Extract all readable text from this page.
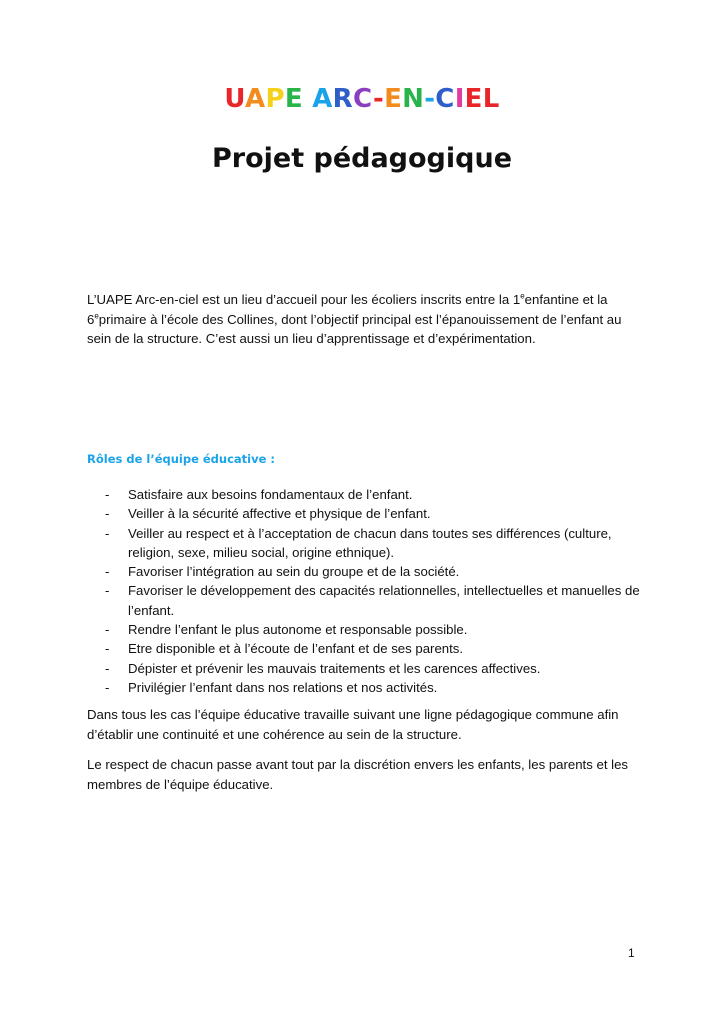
UAPE ARC-EN-CIEL
Projet pédagogique

L’UAPE Arc-en-ciel est un lieu d’accueil pour les écoliers inscrits entre la 1eenfantine et la 6eprimaire à l’école des Collines, dont l’objectif principal est l’épanouissement de l’enfant au sein de la structure. C’est aussi un lieu d’apprentissage et d’expérimentation.

Rôles de l’équipe éducative :
- Satisfaire aux besoins fondamentaux de l’enfant.
- Veiller à la sécurité affective et physique de l’enfant.
- Veiller au respect et à l’acceptation de chacun dans toutes ses différences (culture, religion, sexe, milieu social, origine ethnique).
- Favoriser l’intégration au sein du groupe et de la société.
- Favoriser le développement des capacités relationnelles, intellectuelles et manuelles de l’enfant.
- Rendre l’enfant le plus autonome et responsable possible.
- Etre disponible et à l’écoute de l’enfant et de ses parents.
- Dépister et prévenir les mauvais traitements et les carences affectives.
- Privilégier l’enfant dans nos relations et nos activités.

Dans tous les cas l’équipe éducative travaille suivant une ligne pédagogique commune afin d’établir une continuité et une cohérence au sein de la structure.

Le respect de chacun passe avant tout par la discrétion envers les enfants, les parents et les membres de l’équipe éducative.

1
